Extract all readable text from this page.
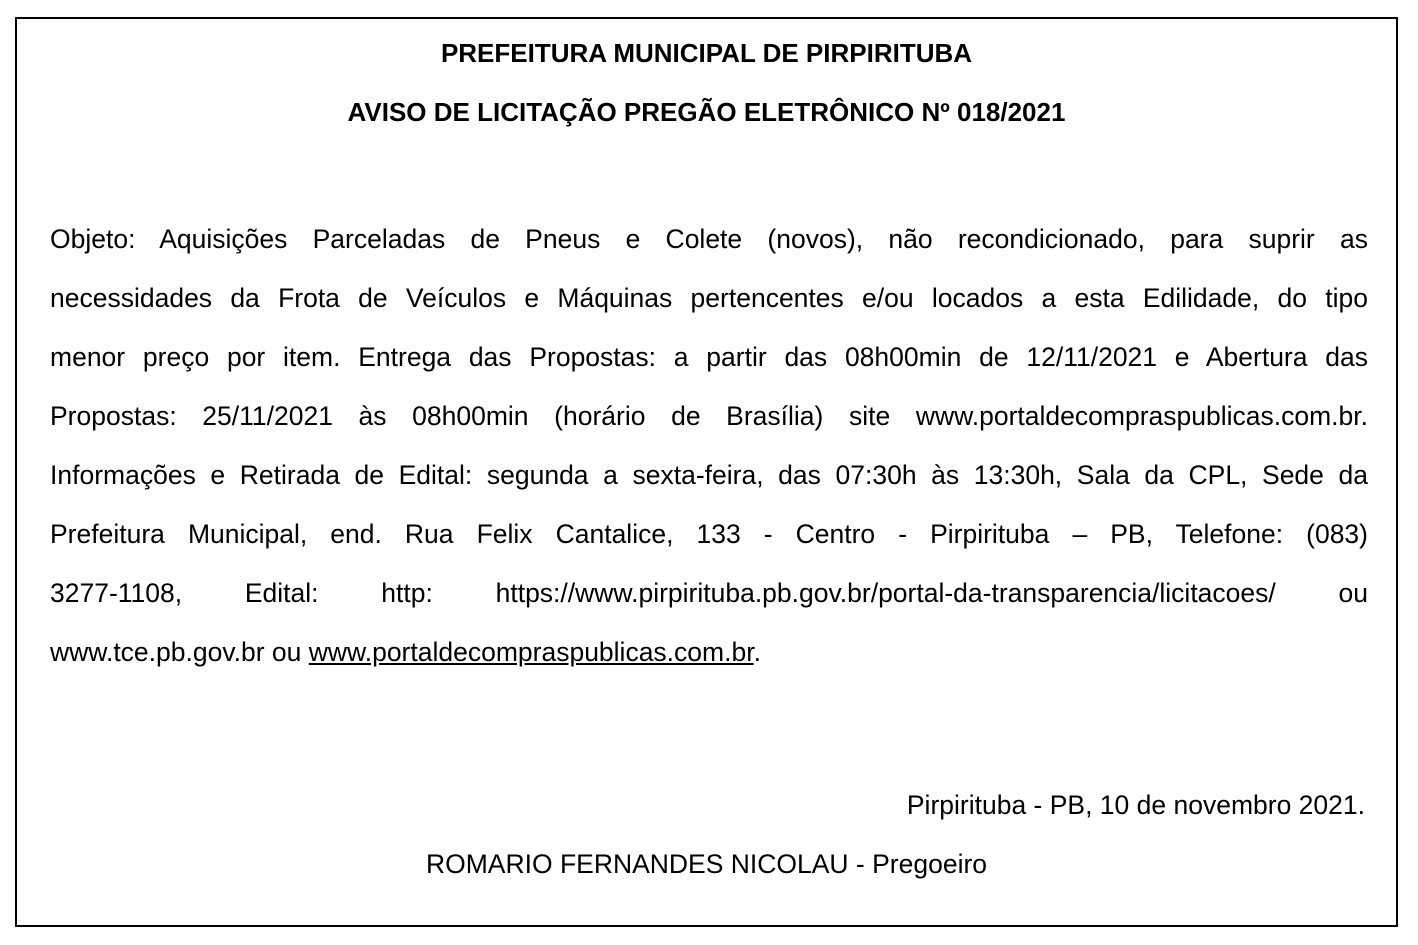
PREFEITURA MUNICIPAL DE PIRPIRITUBA
AVISO DE LICITAÇÃO PREGÃO ELETRÔNICO Nº 018/2021
Objeto: Aquisições Parceladas de Pneus e Colete (novos), não recondicionado, para suprir as
necessidades da Frota de Veículos e Máquinas pertencentes e/ou locados a esta Edilidade, do tipo
menor preço por item. Entrega das Propostas: a partir das 08h00min de 12/11/2021 e Abertura das
Propostas: 25/11/2021 às 08h00min (horário de Brasília) site www.portaldecompraspublicas.com.br.
Informações e Retirada de Edital: segunda a sexta-feira, das 07:30h às 13:30h, Sala da CPL, Sede da
Prefeitura Municipal, end. Rua Felix Cantalice, 133 - Centro - Pirpirituba – PB, Telefone: (083)
3277-1108, Edital: http: https://www.pirpirituba.pb.gov.br/portal-da-transparencia/licitacoes/ ou
www.tce.pb.gov.br ou www.portaldecompraspublicas.com.br.
Pirpirituba - PB, 10 de novembro 2021.
ROMARIO FERNANDES NICOLAU - Pregoeiro
